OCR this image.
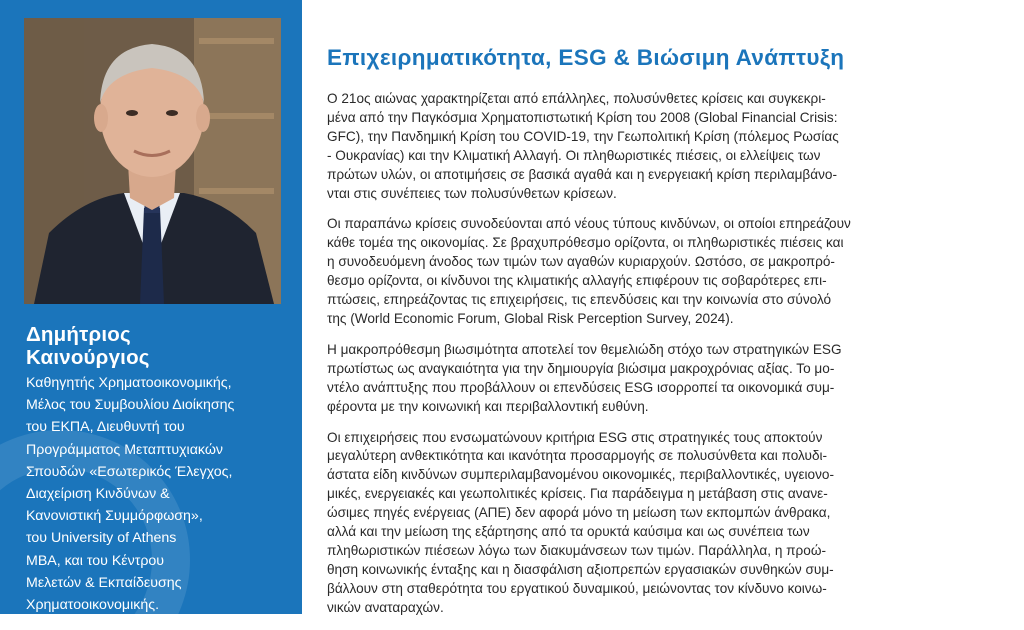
Δημήτριος
Καινούργιος
Καθηγητής Χρηματοοικονομικής,
Μέλος του Συμβουλίου Διοίκησης
του ΕΚΠΑ, Διευθυντή του
Προγράμματος Μεταπτυχιακών
Σπουδών «Εσωτερικός Έλεγχος,
Διαχείριση Κινδύνων &
Κανονιστική Συμμόρφωση»,
του University of Athens
MBA, και του Κέντρου
Μελετών & Εκπαίδευσης
Χρηματοοικονομικής.
Επιχειρηματικότητα, ESG & Βιώσιμη Ανάπτυξη
Ο 21ος αιώνας χαρακτηρίζεται από επάλληλες, πολυσύνθετες κρίσεις και συγκεκρι-
μένα από την Παγκόσμια Χρηματοπιστωτική Κρίση του 2008 (Global Financial Crisis:
GFC), την Πανδημική Κρίση του COVID-19, την Γεωπολιτική Κρίση (πόλεμος Ρωσίας
- Ουκρανίας) και την Κλιματική Αλλαγή. Οι πληθωριστικές πιέσεις, οι ελλείψεις των
πρώτων υλών, οι αποτιμήσεις σε βασικά αγαθά και η ενεργειακή κρίση περιλαμβάνο-
νται στις συνέπειες των πολυσύνθετων κρίσεων.
Οι παραπάνω κρίσεις συνοδεύονται από νέους τύπους κινδύνων, οι οποίοι επηρεάζουν
κάθε τομέα της οικονομίας. Σε βραχυπρόθεσμο ορίζοντα, οι πληθωριστικές πιέσεις και
η συνοδευόμενη άνοδος των τιμών των αγαθών κυριαρχούν. Ωστόσο, σε μακροπρό-
θεσμο ορίζοντα, οι κίνδυνοι της κλιματικής αλλαγής επιφέρουν τις σοβαρότερες επι-
πτώσεις, επηρεάζοντας τις επιχειρήσεις, τις επενδύσεις και την κοινωνία στο σύνολό
της (World Economic Forum, Global Risk Perception Survey, 2024).
Η μακροπρόθεσμη βιωσιμότητα αποτελεί τον θεμελιώδη στόχο των στρατηγικών ESG
πρωτίστως ως αναγκαιότητα για την δημιουργία βιώσιμα μακροχρόνιας αξίας. Το μο-
ντέλο ανάπτυξης που προβάλλουν οι επενδύσεις ESG ισορροπεί τα οικονομικά συμ-
φέροντα με την κοινωνική και περιβαλλοντική ευθύνη.
Οι επιχειρήσεις που ενσωματώνουν κριτήρια ESG στις στρατηγικές τους αποκτούν
μεγαλύτερη ανθεκτικότητα και ικανότητα προσαρμογής σε πολυσύνθετα και πολυδι-
άστατα είδη κινδύνων συμπεριλαμβανομένου οικονομικές, περιβαλλοντικές, υγειονο-
μικές, ενεργειακές και γεωπολιτικές κρίσεις. Για παράδειγμα η μετάβαση στις ανανε-
ώσιμες πηγές ενέργειας (ΑΠΕ) δεν αφορά μόνο τη μείωση των εκπομπών άνθρακα,
αλλά και την μείωση της εξάρτησης από τα ορυκτά καύσιμα και ως συνέπεια των
πληθωριστικών πιέσεων λόγω των διακυμάνσεων των τιμών. Παράλληλα, η προώ-
θηση κοινωνικής ένταξης και η διασφάλιση αξιοπρεπών εργασιακών συνθηκών συμ-
βάλλουν στη σταθερότητα του εργατικού δυναμικού, μειώνοντας τον κίνδυνο κοινω-
νικών αναταραχών.
